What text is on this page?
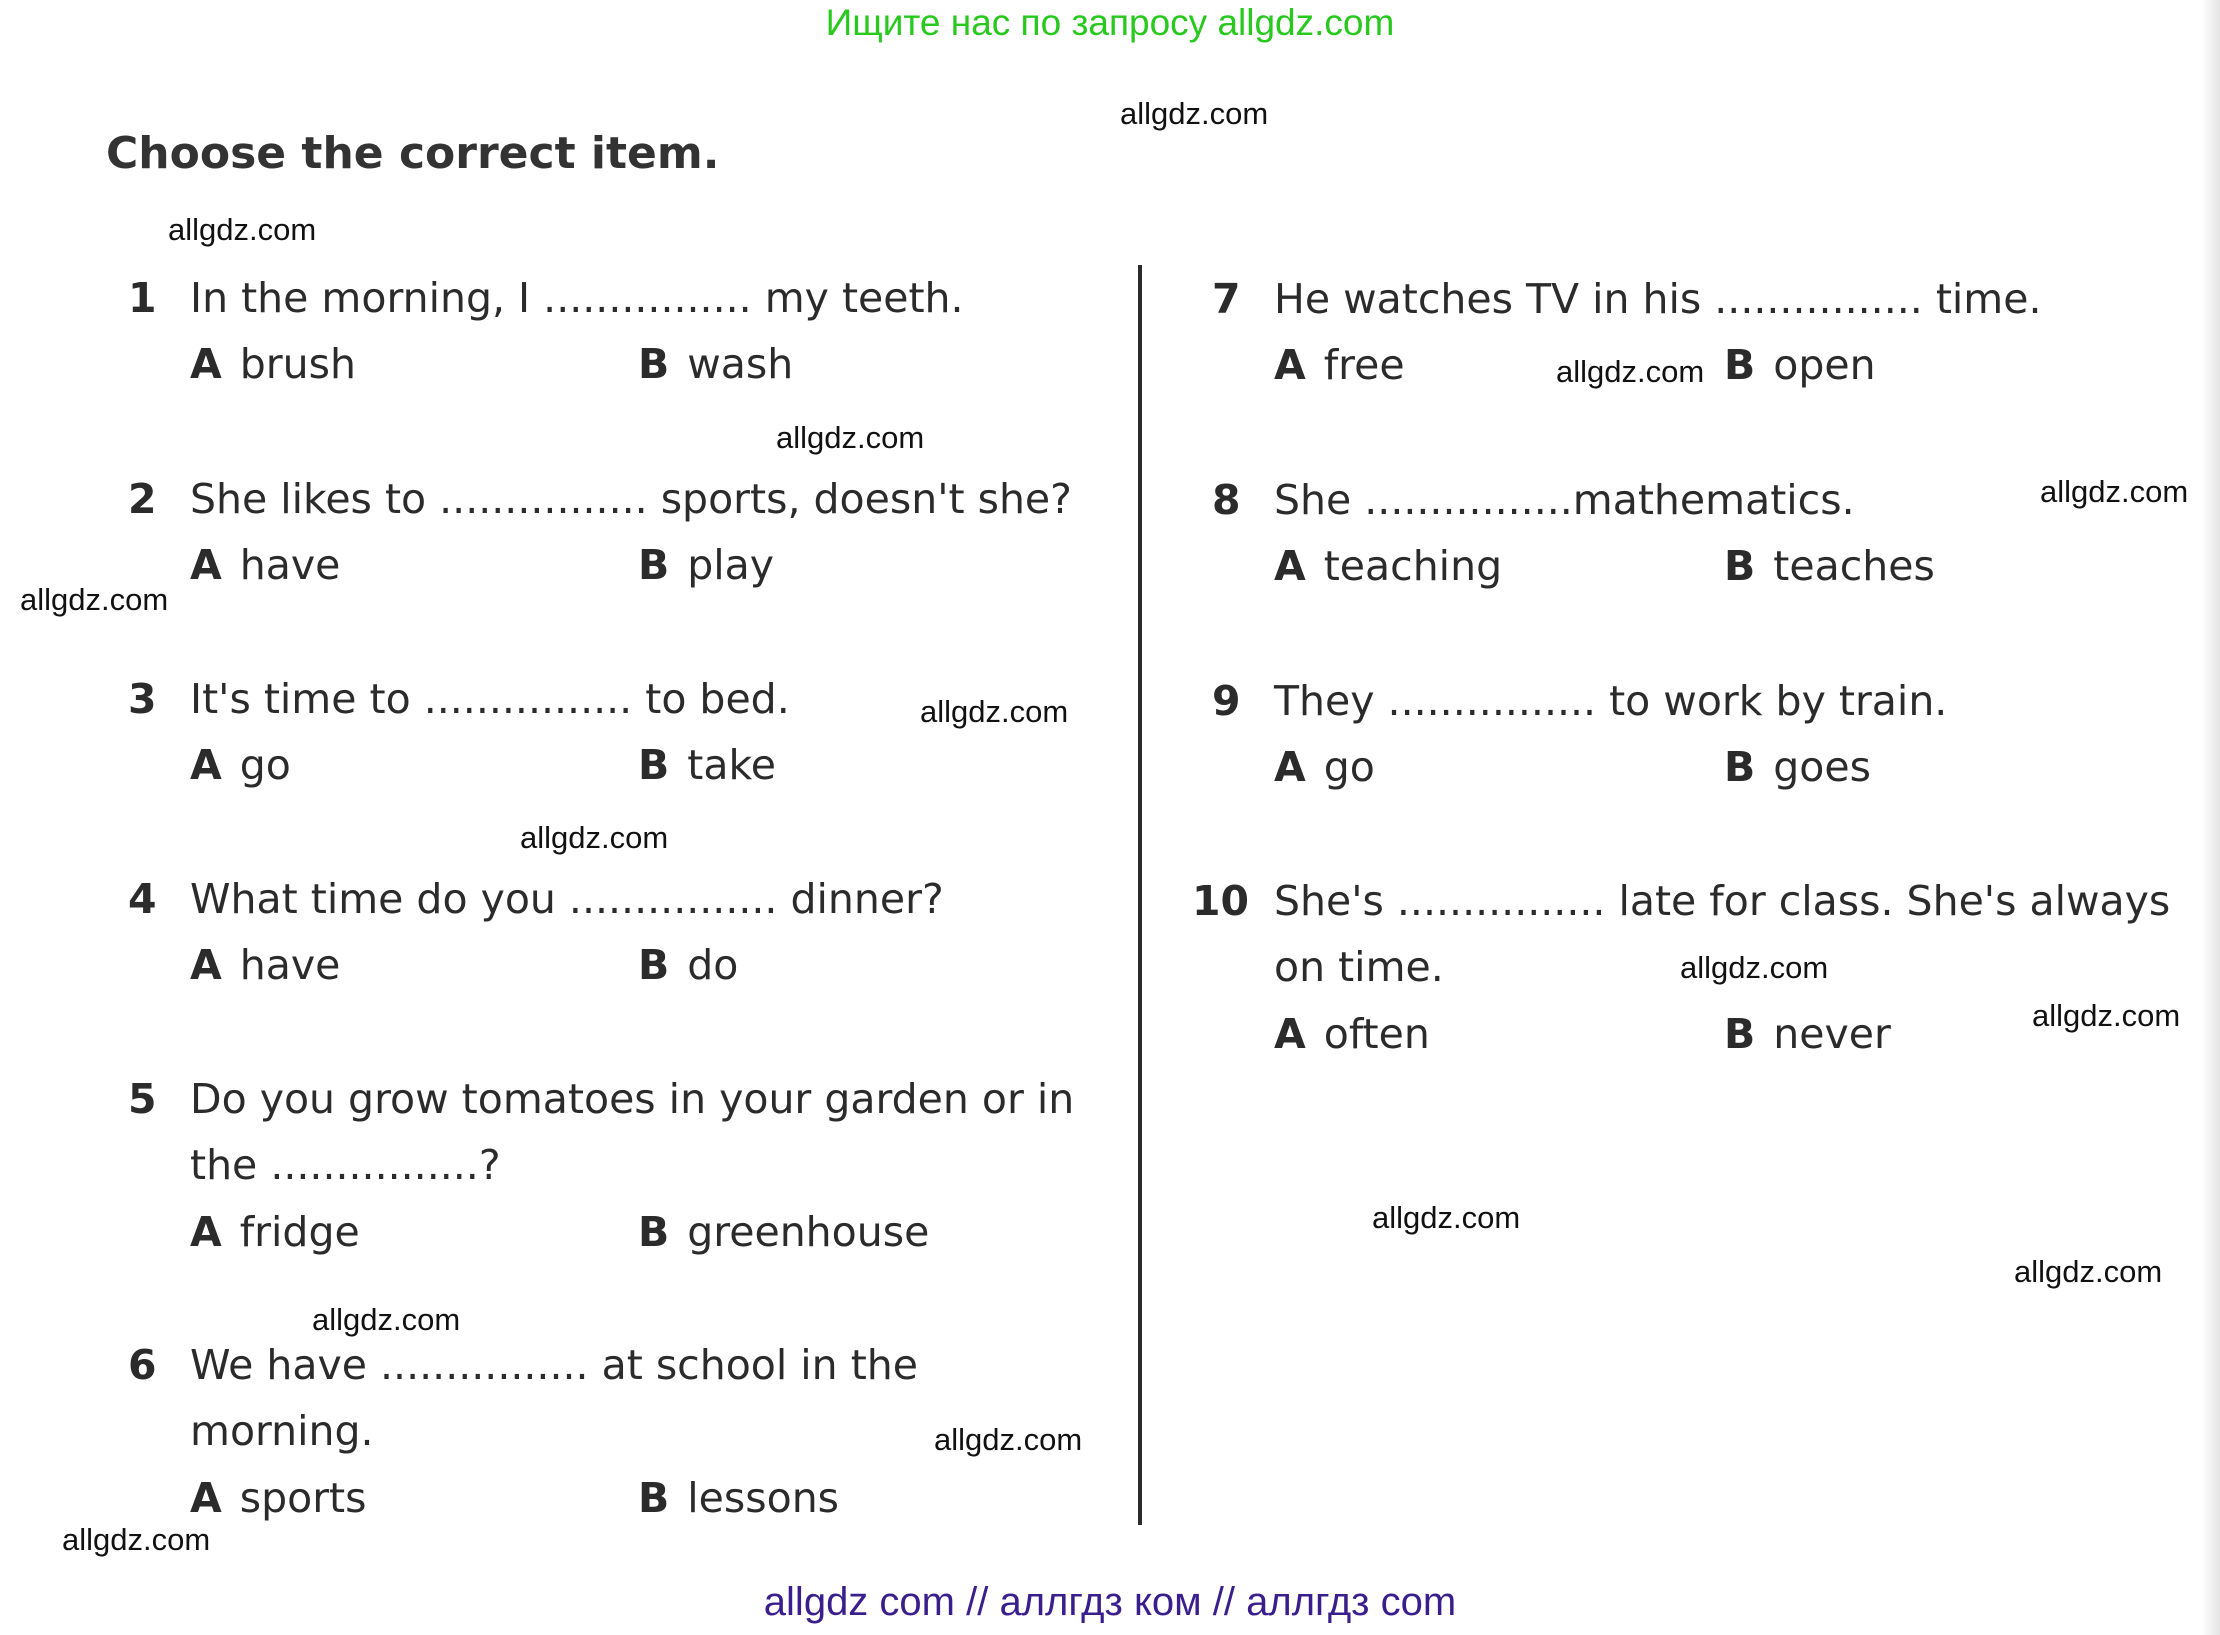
Ищите нас по запросу allgdz.com
Choose the correct item.
1 In the morning, I ................ my teeth.
A brush	B wash
2 She likes to ................ sports, doesn't she?
A have	B play
3 It's time to ................ to bed.
A go	B take
4 What time do you ................ dinner?
A have	B do
5 Do you grow tomatoes in your garden or in the ................?
A fridge	B greenhouse
6 We have ................ at school in the morning.
A sports	B lessons
7 He watches TV in his ................ time.
A free	B open
8 She ................mathematics.
A teaching	B teaches
9 They ................ to work by train.
A go	B goes
10 She's ................ late for class. She's always on time.
A often	B never
allgdz.com
allgdz.com
allgdz.com
allgdz.com
allgdz.com
allgdz.com
allgdz.com
allgdz.com
allgdz.com
allgdz.com
allgdz.com
allgdz.com
allgdz.com
allgdz.com
allgdz.com
allgdz com // аллгдз ком // аллгдз com
